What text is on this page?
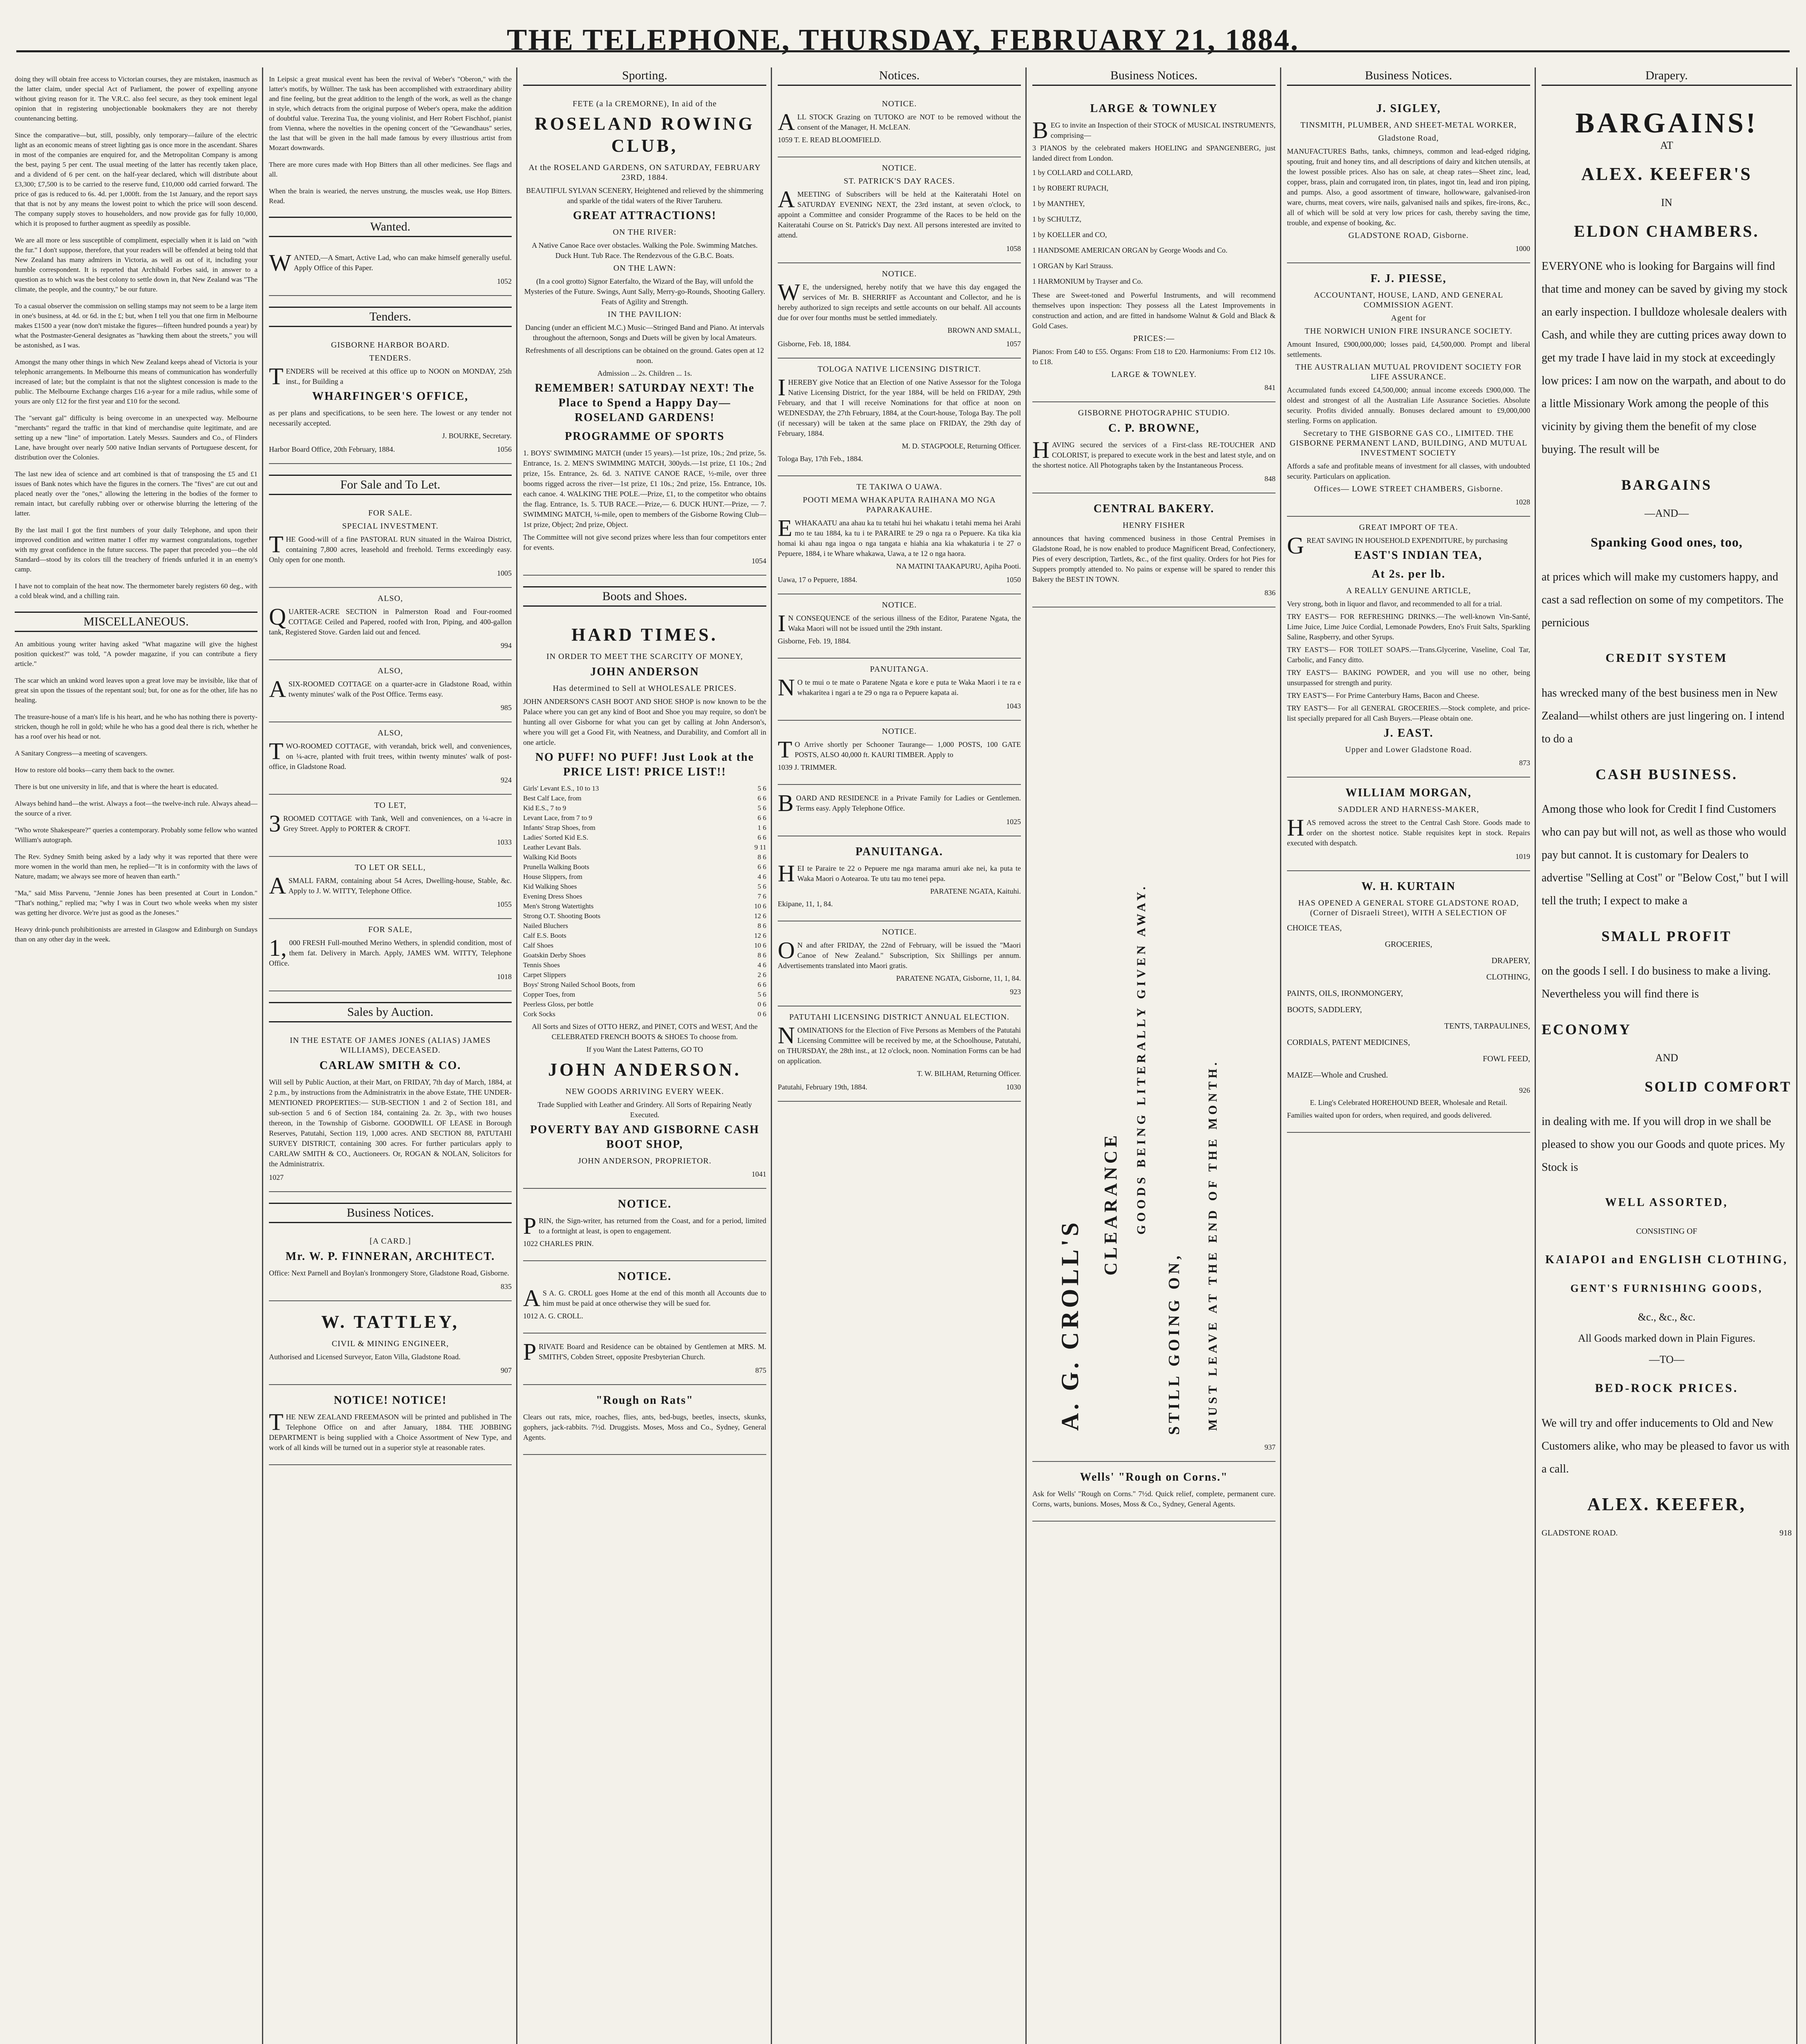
THE TELEPHONE, THURSDAY, FEBRUARY 21, 1884.

doing they will obtain free access to Victorian courses, they are mistaken, inasmuch as the latter claim, under special Act of Parliament, the power of expelling anyone without giving reason for it. The V.R.C. also feel secure, as they took eminent legal opinion that in registering unobjectionable bookmakers they are not thereby countenancing betting.

Since the comparative—but, still, possibly, only temporary—failure of the electric light as an economic means of street lighting gas is once more in the ascendant. Shares in most of the companies are enquired for, and the Metropolitan Company is among the best, paying 5 per cent. The usual meeting of the latter has recently taken place, and a dividend of 6 per cent. on the half-year declared, which will distribute about £3,300; £7,500 is to be carried to the reserve fund, £10,000 odd carried forward. The price of gas is reduced to 6s. 4d. per 1,000ft. from the 1st January, and the report says that that is not by any means the lowest point to which the price will soon descend. The company supply stoves to householders, and now provide gas for fully 10,000, which it is proposed to further augment as speedily as possible.

We are all more or less susceptible of compliment, especially when it is laid on "with the fur." I don't suppose, therefore, that your readers will be offended at being told that New Zealand has many admirers in Victoria, as well as out of it, including your humble correspondent. It is reported that Archibald Forbes said, in answer to a question as to which was the best colony to settle down in, that New Zealand was "The climate, the people, and the country," be our future.

To a casual observer the commission on selling stamps may not seem to be a large item in one's business, at 4d. or 6d. in the £; but, when I tell you that one firm in Melbourne makes £1500 a year (now don't mistake the figures—fifteen hundred pounds a year) by what the Postmaster-General designates as "hawking them about the streets," you will be astonished, as I was.

Amongst the many other things in which New Zealand keeps ahead of Victoria is your telephonic arrangements. In Melbourne this means of communication has wonderfully increased of late; but the complaint is that not the slightest concession is made to the public. The Melbourne Exchange charges £16 a-year for a mile radius, while some of yours are only £12 for the first year and £10 for the second.

The "servant gal" difficulty is being overcome in an unexpected way. Melbourne "merchants" regard the traffic in that kind of merchandise quite legitimate, and are setting up a new "line" of importation. Lately Messrs. Saunders and Co., of Flinders Lane, have brought over nearly 500 native Indian servants of Portuguese descent, for distribution over the Colonies.

The last new idea of science and art combined is that of transposing the £5 and £1 issues of Bank notes which have the figures in the corners. The "fives" are cut out and placed neatly over the "ones," allowing the lettering in the bodies of the former to remain intact, but carefully rubbing over or otherwise blurring the lettering of the latter.

By the last mail I got the first numbers of your daily Telephone, and upon their improved condition and written matter I offer my warmest congratulations, together with my great confidence in the future success. The paper that preceded you—the old Standard—stood by its colors till the treachery of friends unfurled it in an enemy's camp.

I have not to complain of the heat now. The thermometer barely registers 60 deg., with a cold bleak wind, and a chilling rain.

MISCELLANEOUS.

An ambitious young writer having asked "What magazine will give the highest position quickest?" was told, "A powder magazine, if you can contribute a fiery article."

The scar which an unkind word leaves upon a great love may be invisible, like that of great sin upon the tissues of the repentant soul; but, for one as for the other, life has no healing.

The treasure-house of a man's life is his heart, and he who has nothing there is poverty-stricken, though he roll in gold; while he who has a good deal there is rich, whether he has a roof over his head or not.

A Sanitary Congress—a meeting of scavengers.

How to restore old books—carry them back to the owner.

There is but one university in life, and that is where the heart is educated.

Always behind hand—the wrist. Always a foot—the twelve-inch rule. Always ahead—the source of a river.

"Who wrote Shakespeare?" queries a contemporary. Probably some fellow who wanted William's autograph.

The Rev. Sydney Smith being asked by a lady why it was reported that there were more women in the world than men, he replied—"It is in conformity with the laws of Nature, madam; we always see more of heaven than earth."

"Ma," said Miss Parvenu, "Jennie Jones has been presented at Court in London." "That's nothing," replied ma; "why I was in Court two whole weeks when my sister was getting her divorce. We're just as good as the Joneses."

Heavy drink-punch prohibitionists are arrested in Glasgow and Edinburgh on Sundays than on any other day in the week.

In Leipsic a great musical event has been the revival of Weber's "Oberon," with the latter's motifs, by Wüllner. The task has been accomplished with extraordinary ability and fine feeling, but the great addition to the length of the work, as well as the change in style, which detracts from the original purpose of Weber's opera, make the addition of doubtful value. Terezina Tua, the young violinist, and Herr Robert Fischhof, pianist from Vienna, where the novelties in the opening concert of the "Gewandhaus" series, the last that will be given in the hall made famous by every illustrious artist from Mozart downwards.

There are more cures made with Hop Bitters than all other medicines. See flags and all.

When the brain is wearied, the nerves unstrung, the muscles weak, use Hop Bitters. Read.

Wanted.

WANTED,—A Smart, Active Lad, who can make himself generally useful. Apply Office of this Paper.

1052
Tenders.
GISBORNE HARBOR BOARD.
TENDERS.

TENDERS will be received at this office up to NOON on MONDAY, 25th inst., for Building a

WHARFINGER'S OFFICE,

as per plans and specifications, to be seen here. The lowest or any tender not necessarily accepted.

J. BOURKE, Secretary.

Harbor Board Office, 20th February, 1884.	1056
For Sale and To Let.
FOR SALE.
SPECIAL INVESTMENT.

THE Good-will of a fine PASTORAL RUN situated in the Wairoa District, containing 7,800 acres, leasehold and freehold. Terms exceedingly easy. Only open for one month.

1005
ALSO,

QUARTER-ACRE SECTION in Palmerston Road and Four-roomed COTTAGE Ceiled and Papered, roofed with Iron, Piping, and 400-gallon tank, Registered Stove. Garden laid out and fenced.

994
ALSO,

ASIX-ROOMED COTTAGE on a quarter-acre in Gladstone Road, within twenty minutes' walk of the Post Office. Terms easy.

985
ALSO,

TWO-ROOMED COTTAGE, with verandah, brick well, and conveniences, on ¼-acre, planted with fruit trees, within twenty minutes' walk of post-office, in Gladstone Road.

924
TO LET,

3ROOMED COTTAGE with Tank, Well and conveniences, on a ¼-acre in Grey Street. Apply to PORTER & CROFT.

1033
TO LET OR SELL,

ASMALL FARM, containing about 54 Acres, Dwelling-house, Stable, &c. Apply to J. W. WITTY, Telephone Office.

1055
FOR SALE,

1,000 FRESH Full-mouthed Merino Wethers, in splendid condition, most of them fat. Delivery in March. Apply, JAMES WM. WITTY, Telephone Office.

1018
Sales by Auction.
IN THE ESTATE OF JAMES JONES (ALIAS) JAMES WILLIAMS), DECEASED.
CARLAW SMITH & CO.

Will sell by Public Auction, at their Mart, on FRIDAY, 7th day of March, 1884, at 2 p.m., by instructions from the Administratrix in the above Estate, THE UNDER-MENTIONED PROPERTIES:— SUB-SECTION 1 and 2 of Section 181, and sub-section 5 and 6 of Section 184, containing 2a. 2r. 3p., with two houses thereon, in the Township of Gisborne. GOODWILL OF LEASE in Borough Reserves, Patutahi, Section 119, 1,000 acres. AND SECTION 88, PATUTAHI SURVEY DISTRICT, containing 300 acres. For further particulars apply to CARLAW SMITH & CO., Auctioneers. Or, ROGAN & NOLAN, Solicitors for the Administratrix.

1027
Business Notices.
[A CARD.]
Mr. W. P. FINNERAN, ARCHITECT.

Office: Next Parnell and Boylan's Ironmongery Store, Gladstone Road, Gisborne.

835
W. TATTLEY,
CIVIL & MINING ENGINEER,

Authorised and Licensed Surveyor, Eaton Villa, Gladstone Road.

907
NOTICE! NOTICE!

THE NEW ZEALAND FREEMASON will be printed and published in The Telephone Office on and after January, 1884. THE JOBBING DEPARTMENT is being supplied with a Choice Assortment of New Type, and work of all kinds will be turned out in a superior style at reasonable rates.

Sporting.
FETE (a la CREMORNE), In aid of the
ROSELAND ROWING CLUB,
At the ROSELAND GARDENS, ON SATURDAY, FEBRUARY 23RD, 1884.

BEAUTIFUL SYLVAN SCENERY, Heightened and relieved by the shimmering and sparkle of the tidal waters of the River Taruheru.

GREAT ATTRACTIONS!
ON THE RIVER:

A Native Canoe Race over obstacles. Walking the Pole. Swimming Matches. Duck Hunt. Tub Race. The Rendezvous of the G.B.C. Boats.

ON THE LAWN:

(In a cool grotto) Signor Eaterfalto, the Wizard of the Bay, will unfold the Mysteries of the Future. Swings, Aunt Sally, Merry-go-Rounds, Shooting Gallery. Feats of Agility and Strength.

IN THE PAVILION:

Dancing (under an efficient M.C.) Music—Stringed Band and Piano. At intervals throughout the afternoon, Songs and Duets will be given by local Amateurs.

Refreshments of all descriptions can be obtained on the ground. Gates open at 12 noon.

Admission ... 2s. Children ... 1s.

REMEMBER! SATURDAY NEXT! The Place to Spend a Happy Day— ROSELAND GARDENS!
PROGRAMME OF SPORTS

1. BOYS' SWIMMING MATCH (under 15 years).—1st prize, 10s.; 2nd prize, 5s. Entrance, 1s. 2. MEN'S SWIMMING MATCH, 300yds.—1st prize, £1 10s.; 2nd prize, 15s. Entrance, 2s. 6d. 3. NATIVE CANOE RACE, ½-mile, over three booms rigged across the river—1st prize, £1 10s.; 2nd prize, 15s. Entrance, 10s. each canoe. 4. WALKING THE POLE.—Prize, £1, to the competitor who obtains the flag. Entrance, 1s. 5. TUB RACE.—Prize,— 6. DUCK HUNT.—Prize, — 7. SWIMMING MATCH, ¼-mile, open to members of the Gisborne Rowing Club—1st prize, Object; 2nd prize, Object.

The Committee will not give second prizes where less than four competitors enter for events.

1054
Boots and Shoes.
HARD TIMES.
IN ORDER TO MEET THE SCARCITY OF MONEY,
JOHN ANDERSON
Has determined to Sell at WHOLESALE PRICES.

JOHN ANDERSON'S CASH BOOT AND SHOE SHOP is now known to be the Palace where you can get any kind of Boot and Shoe you may require, so don't be hunting all over Gisborne for what you can get by calling at John Anderson's, where you will get a Good Fit, with Neatness, and Durability, and Comfort all in one article.

NO PUFF! NO PUFF! Just Look at the PRICE LIST! PRICE LIST!!
Girls' Levant E.S., 10 to 13	5 6
Best Calf Lace, from	6 6
Kid E.S., 7 to 9	5 6
Levant Lace, from 7 to 9	6 6
Infants' Strap Shoes, from	1 6
Ladies' Sorted Kid E.S.	6 6
Leather Levant Bals.	9 11
Walking Kid Boots	8 6
Prunella Walking Boots	6 6
House Slippers, from	4 6
Kid Walking Shoes	5 6
Evening Dress Shoes	7 6
Men's Strong Watertights	10 6
Strong O.T. Shooting Boots	12 6
Nailed Bluchers	8 6
Calf E.S. Boots	12 6
Calf Shoes	10 6
Goatskin Derby Shoes	8 6
Tennis Shoes	4 6
Carpet Slippers	2 6
Boys' Strong Nailed School Boots, from	6 6
Copper Toes, from	5 6
Peerless Gloss, per bottle	0 6
Cork Socks	0 6

All Sorts and Sizes of OTTO HERZ, and PINET, COTS and WEST, And the CELEBRATED FRENCH BOOTS & SHOES To choose from.

If you Want the Latest Patterns, GO TO

JOHN ANDERSON.
NEW GOODS ARRIVING EVERY WEEK.

Trade Supplied with Leather and Grindery. All Sorts of Repairing Neatly Executed.

POVERTY BAY AND GISBORNE CASH BOOT SHOP,
JOHN ANDERSON, PROPRIETOR.
1041
NOTICE.

PRIN, the Sign-writer, has returned from the Coast, and for a period, limited to a fortnight at least, is open to engagement.

1022 CHARLES PRIN.

NOTICE.

AS A. G. CROLL goes Home at the end of this month all Accounts due to him must be paid at once otherwise they will be sued for.

1012 A. G. CROLL.

PRIVATE Board and Residence can be obtained by Gentlemen at MRS. M. SMITH'S, Cobden Street, opposite Presbyterian Church.

875
"Rough on Rats"

Clears out rats, mice, roaches, flies, ants, bed-bugs, beetles, insects, skunks, gophers, jack-rabbits. 7½d. Druggists. Moses, Moss and Co., Sydney, General Agents.

Notices.
NOTICE.

ALL STOCK Grazing on TUTOKO are NOT to be removed without the consent of the Manager, H. McLEAN.

1059 T. E. READ BLOOMFIELD.

NOTICE.
ST. PATRICK'S DAY RACES.

AMEETING of Subscribers will be held at the Kaiteratahi Hotel on SATURDAY EVENING NEXT, the 23rd instant, at seven o'clock, to appoint a Committee and consider Programme of the Races to be held on the Kaiteratahi Course on St. Patrick's Day next. All persons interested are invited to attend.

1058
NOTICE.

WE, the undersigned, hereby notify that we have this day engaged the services of Mr. B. SHERRIFF as Accountant and Collector, and he is hereby authorized to sign receipts and settle accounts on our behalf. All accounts due for over four months must be settled immediately.

BROWN AND SMALL,

Gisborne, Feb. 18, 1884.	1057
TOLOGA NATIVE LICENSING DISTRICT.

IHEREBY give Notice that an Election of one Native Assessor for the Tologa Native Licensing District, for the year 1884, will be held on FRIDAY, 29th February, and that I will receive Nominations for that office at noon on WEDNESDAY, the 27th February, 1884, at the Court-house, Tologa Bay. The poll (if necessary) will be taken at the same place on FRIDAY, the 29th day of February, 1884.

M. D. STAGPOOLE, Returning Officer.

Tologa Bay, 17th Feb., 1884.

TE TAKIWA O UAWA.
POOTI MEMA WHAKAPUTA RAIHANA MO NGA PAPARAKAUHE.

EWHAKAATU ana ahau ka tu tetahi hui hei whakatu i tetahi mema hei Arahi mo te tau 1884, ka tu i te PARAIRE te 29 o nga ra o Pepuere. Ka tika kia homai ki ahau nga ingoa o nga tangata e hiahia ana kia whakaturia i te 27 o Pepuere, 1884, i te Whare whakawa, Uawa, a te 12 o nga haora.

NA MATINI TAAKAPURU, Apiha Pooti.

Uawa, 17 o Pepuere, 1884.	1050
NOTICE.

IN CONSEQUENCE of the serious illness of the Editor, Paratene Ngata, the Waka Maori will not be issued until the 29th instant.

Gisborne, Feb. 19, 1884.

PANUITANGA.

NO te mui o te mate o Paratene Ngata e kore e puta te Waka Maori i te ra e whakaritea i ngari a te 29 o nga ra o Pepuere kapata ai.

1043
NOTICE.

TO Arrive shortly per Schooner Taurange— 1,000 POSTS, 100 GATE POSTS, ALSO 40,000 ft. KAURI TIMBER. Apply to

1039 J. TRIMMER.

BOARD AND RESIDENCE in a Private Family for Ladies or Gentlemen. Terms easy. Apply Telephone Office.

1025
PANUITANGA.

HEI te Paraire te 22 o Pepuere me nga marama amuri ake nei, ka puta te Waka Maori o Aotearoa. Te utu tau mo tenei pepa.

PARATENE NGATA, Kaituhi.

Ekipane, 11, 1, 84.

NOTICE.

ON and after FRIDAY, the 22nd of February, will be issued the "Maori Canoe of New Zealand." Subscription, Six Shillings per annum. Advertisements translated into Maori gratis.

PARATENE NGATA, Gisborne, 11, 1, 84.

923
PATUTAHI LICENSING DISTRICT ANNUAL ELECTION.

NOMINATIONS for the Election of Five Persons as Members of the Patutahi Licensing Committee will be received by me, at the Schoolhouse, Patutahi, on THURSDAY, the 28th inst., at 12 o'clock, noon. Nomination Forms can be had on application.

T. W. BILHAM, Returning Officer.

Patutahi, February 19th, 1884.	1030
Business Notices.
LARGE & TOWNLEY

BEG to invite an Inspection of their STOCK of MUSICAL INSTRUMENTS, comprising—

3 PIANOS by the celebrated makers HOELING and SPANGENBERG, just landed direct from London.

1 by COLLARD and COLLARD,

1 by ROBERT RUPACH,

1 by MANTHEY,

1 by SCHULTZ,

1 by KOELLER and CO,

1 HANDSOME AMERICAN ORGAN by George Woods and Co.

1 ORGAN by Karl Strauss.

1 HARMONIUM by Trayser and Co.

These are Sweet-toned and Powerful Instruments, and will recommend themselves upon inspection: They possess all the Latest Improvements in construction and action, and are fitted in handsome Walnut & Gold and Black & Gold Cases.

PRICES:—

Pianos: From £40 to £55. Organs: From £18 to £20. Harmoniums: From £12 10s. to £18.

LARGE & TOWNLEY.
841
GISBORNE PHOTOGRAPHIC STUDIO.
C. P. BROWNE,

HAVING secured the services of a First-class RE-TOUCHER AND COLORIST, is prepared to execute work in the best and latest style, and on the shortest notice. All Photographs taken by the Instantaneous Process.

848
CENTRAL BAKERY.
HENRY FISHER

announces that having commenced business in those Central Premises in Gladstone Road, he is now enabled to produce Magnificent Bread, Confectionery, Pies of every description, Tartlets, &c., of the first quality. Orders for hot Pies for Suppers promptly attended to. No pains or expense will be spared to render this Bakery the BEST IN TOWN.

836
A. G. CROLL'S
CLEARANCE GOODS BEING LITERALLY GIVEN AWAY.
STILL GOING ON, MUST LEAVE AT THE END OF THE MONTH.
937
Wells' "Rough on Corns."

Ask for Wells' "Rough on Corns." 7½d. Quick relief, complete, permanent cure. Corns, warts, bunions. Moses, Moss & Co., Sydney, General Agents.

Business Notices.
J. SIGLEY,
TINSMITH, PLUMBER, AND SHEET-METAL WORKER,
Gladstone Road,

MANUFACTURES Baths, tanks, chimneys, common and lead-edged ridging, spouting, fruit and honey tins, and all descriptions of dairy and kitchen utensils, at the lowest possible prices. Also has on sale, at cheap rates—Sheet zinc, lead, copper, brass, plain and corrugated iron, tin plates, ingot tin, lead and iron piping, and pumps. Also, a good assortment of tinware, hollowware, galvanised-iron ware, churns, meat covers, wire nails, galvanised nails and spikes, fire-irons, &c., all of which will be sold at very low prices for cash, thereby saving the time, trouble, and expense of booking, &c.

GLADSTONE ROAD, Gisborne.
1000
F. J. PIESSE,
ACCOUNTANT, HOUSE, LAND, AND GENERAL COMMISSION AGENT.
Agent for
THE NORWICH UNION FIRE INSURANCE SOCIETY.

Amount Insured, £900,000,000; losses paid, £4,500,000. Prompt and liberal settlements.

THE AUSTRALIAN MUTUAL PROVIDENT SOCIETY FOR LIFE ASSURANCE.

Accumulated funds exceed £4,500,000; annual income exceeds £900,000. The oldest and strongest of all the Australian Life Assurance Societies. Absolute security. Profits divided annually. Bonuses declared amount to £9,000,000 sterling. Forms on application.

Secretary to THE GISBORNE GAS CO., LIMITED. THE GISBORNE PERMANENT LAND, BUILDING, AND MUTUAL INVESTMENT SOCIETY

Affords a safe and profitable means of investment for all classes, with undoubted security. Particulars on application.

Offices— LOWE STREET CHAMBERS, Gisborne.
1028
GREAT IMPORT OF TEA.

GREAT SAVING IN HOUSEHOLD EXPENDITURE, by purchasing

EAST'S INDIAN TEA,
At 2s. per lb.
A REALLY GENUINE ARTICLE,

Very strong, both in liquor and flavor, and recommended to all for a trial.

TRY EAST'S— FOR REFRESHING DRINKS.—The well-known Vin-Santé, Lime Juice, Lime Juice Cordial, Lemonade Powders, Eno's Fruit Salts, Sparkling Saline, Raspberry, and other Syrups.

TRY EAST'S— FOR TOILET SOAPS.—Trans.Glycerine, Vaseline, Coal Tar, Carbolic, and Fancy ditto.

TRY EAST'S— BAKING POWDER, and you will use no other, being unsurpassed for strength and purity.

TRY EAST'S— For Prime Canterbury Hams, Bacon and Cheese.

TRY EAST'S— For all GENERAL GROCERIES.—Stock complete, and price-list specially prepared for all Cash Buyers.—Please obtain one.

J. EAST.
Upper and Lower Gladstone Road.
873
WILLIAM MORGAN,
SADDLER AND HARNESS-MAKER,

HAS removed across the street to the Central Cash Store. Goods made to order on the shortest notice. Stable requisites kept in stock. Repairs executed with despatch.

1019
W. H. KURTAIN
HAS OPENED A GENERAL STORE GLADSTONE ROAD, (Corner of Disraeli Street), WITH A SELECTION OF

CHOICE TEAS,

GROCERIES,

DRAPERY,

CLOTHING,

PAINTS, OILS, IRONMONGERY,

BOOTS, SADDLERY,

TENTS, TARPAULINES,

CORDIALS, PATENT MEDICINES,

FOWL FEED,

MAIZE—Whole and Crushed.

926

E. Ling's Celebrated HOREHOUND BEER, Wholesale and Retail.

Families waited upon for orders, when required, and goods delivered.

Drapery.
BARGAINS!
AT
ALEX. KEEFER'S
IN
ELDON CHAMBERS.

EVERYONE who is looking for Bargains will find that time and money can be saved by giving my stock an early inspection. I bulldoze wholesale dealers with Cash, and while they are cutting prices away down to get my trade I have laid in my stock at exceedingly low prices: I am now on the warpath, and about to do a little Missionary Work among the people of this vicinity by giving them the benefit of my close buying. The result will be

BARGAINS
—AND—
Spanking Good ones, too,

at prices which will make my customers happy, and cast a sad reflection on some of my competitors. The pernicious

CREDIT SYSTEM

has wrecked many of the best business men in New Zealand—whilst others are just lingering on. I intend to do a

CASH BUSINESS.

Among those who look for Credit I find Customers who can pay but will not, as well as those who would pay but cannot. It is customary for Dealers to advertise "Selling at Cost" or "Below Cost," but I will tell the truth; I expect to make a

SMALL PROFIT

on the goods I sell. I do business to make a living. Nevertheless you will find there is

ECONOMY
AND
SOLID COMFORT

in dealing with me. If you will drop in we shall be pleased to show you our Goods and quote prices. My Stock is

WELL ASSORTED,
CONSISTING OF
KAIAPOI and ENGLISH CLOTHING,
GENT'S FURNISHING GOODS,
&c., &c., &c.
All Goods marked down in Plain Figures.
—TO—
BED-ROCK PRICES.

We will try and offer inducements to Old and New Customers alike, who may be pleased to favor us with a call.

ALEX. KEEFER,
GLADSTONE ROAD.	918
